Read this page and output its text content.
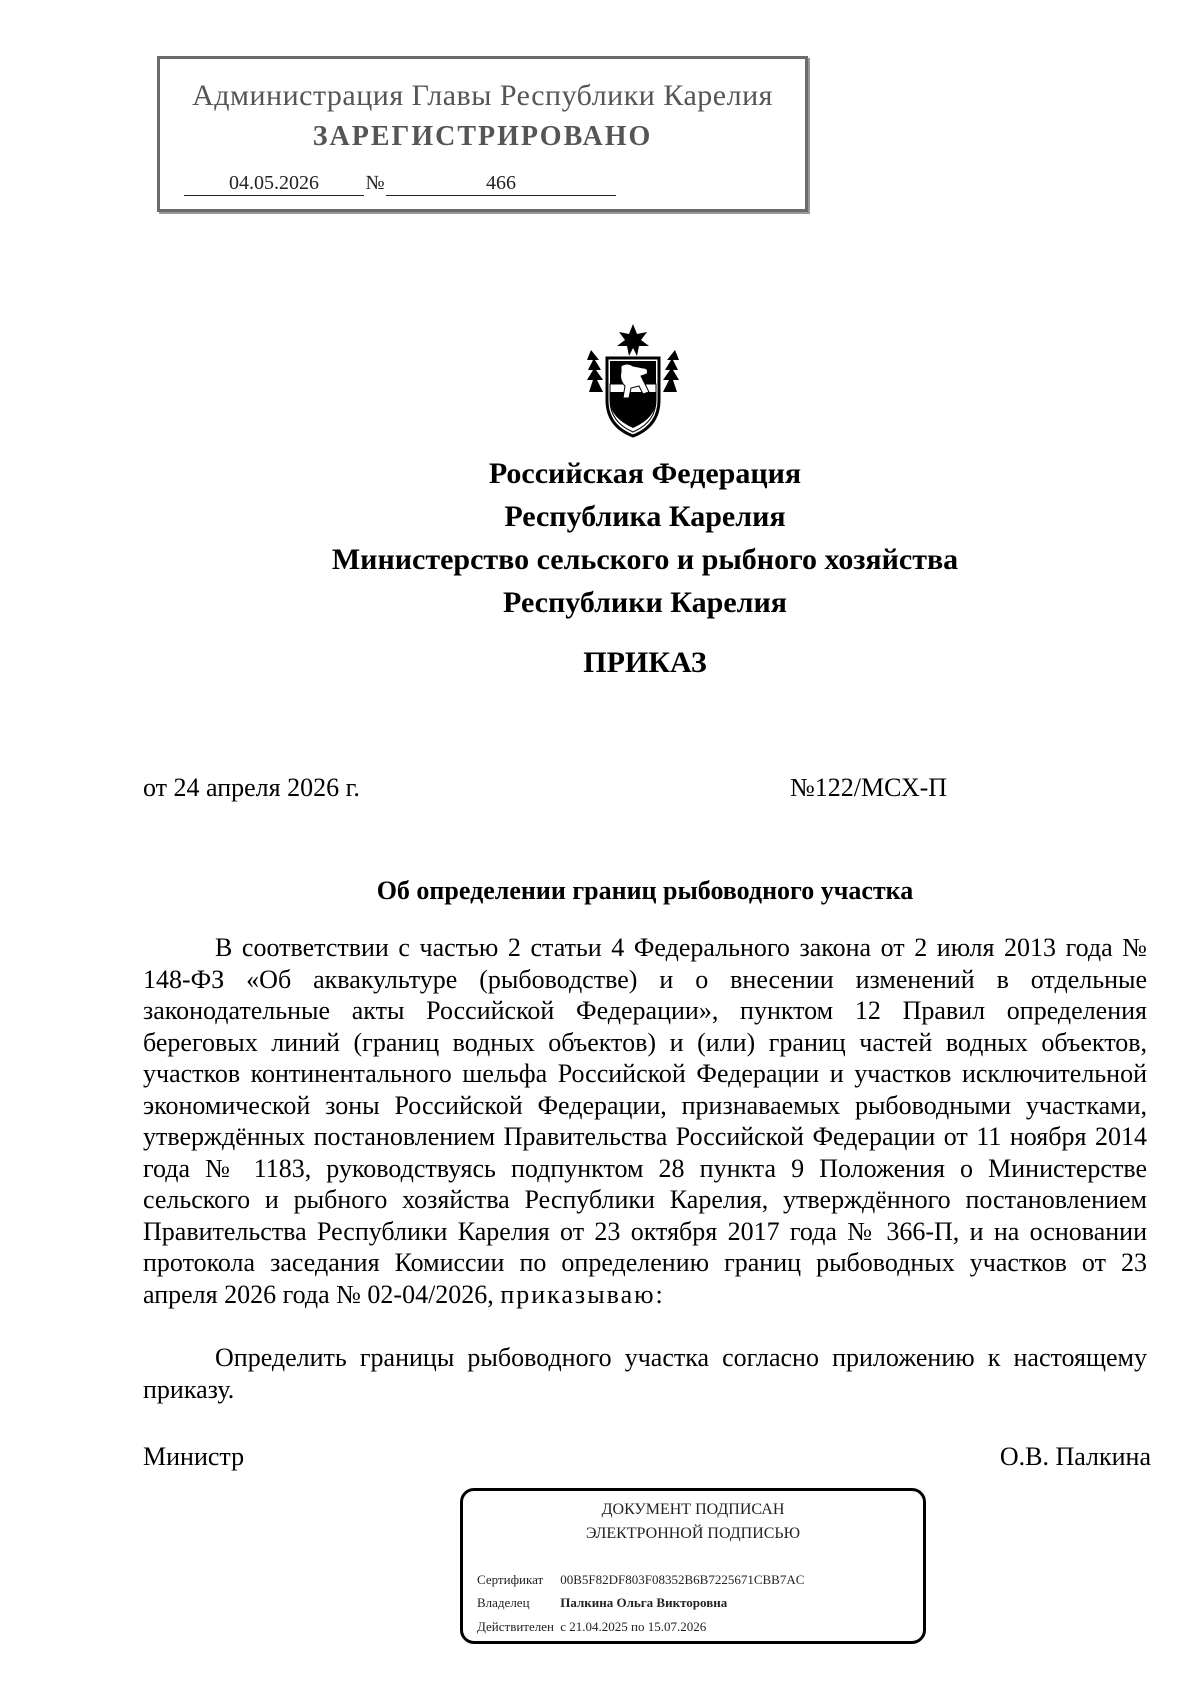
Администрация Главы Республики Карелия
ЗАРЕГИСТРИРОВАНО
04.05.2026 №	466
Российская Федерация
Республика Карелия
Министерство сельского и рыбного хозяйства
Республики Карелия
ПРИКАЗ
от 24 апреля 2026 г.	№122/МСХ-П
Об определении границ рыбоводного участка
В соответствии с частью 2 статьи 4 Федерального закона от 2 июля 2013 года № 148-ФЗ «Об аквакультуре (рыбоводстве) и о внесении изменений в отдельные законодательные акты Российской Федерации», пунктом 12 Правил определения береговых линий (границ водных объектов) и (или) границ частей водных объектов, участков континентального шельфа Российской Федерации и участков исключительной экономической зоны Российской Федерации, признаваемых рыбоводными участками, утверждённых постановлением Правительства Российской Федерации от 11 ноября 2014 года № 1183, руководствуясь подпунктом 28 пункта 9 Положения о Министерстве сельского и рыбного хозяйства Республики Карелия, утверждённого постановлением Правительства Республики Карелия от 23 октября 2017 года № 366-П, и на основании протокола заседания Комиссии по определению границ рыбоводных участков от 23 апреля 2026 года № 02-04/2026, приказываю:
Определить границы рыбоводного участка согласно приложению к настоящему приказу.
Министр	О.В. Палкина
ДОКУМЕНТ ПОДПИСАН
ЭЛЕКТРОННОЙ ПОДПИСЬЮ
Сертификат 00B5F82DF803F08352B6B7225671CBB7AC
Владелец Палкина Ольга Викторовна
Действителен с 21.04.2025 по 15.07.2026
